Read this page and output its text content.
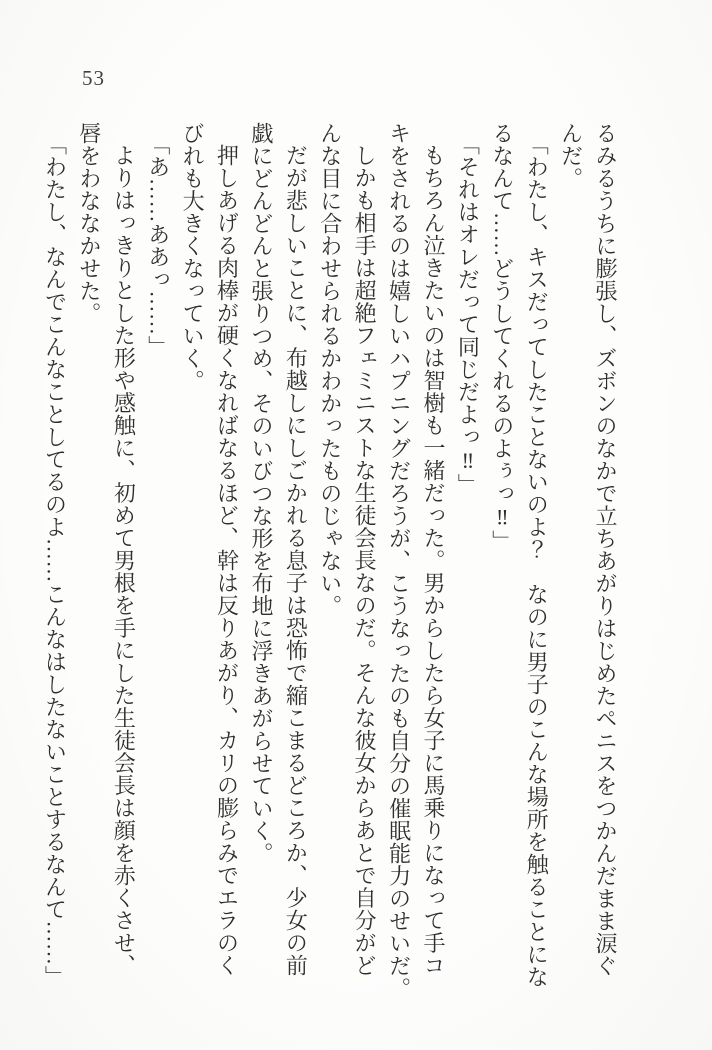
53

るみるうちに膨張し、ズボンのなかで立ちあがりはじめたペニスをつかんだまま涙ぐ

んだ。

「わたし、キスだってしたことないのよ？　なのに男子のこんな場所を触ることにな

るなんて……どうしてくれるのよぅっ‼」

「それはオレだって同じだよっ‼」

もちろん泣きたいのは智樹も一緒だった。男からしたら女子に馬乗りになって手コ

キをされるのは嬉しいハプニングだろうが、こうなったのも自分の催眠能力のせいだ。

しかも相手は超絶フェミニストな生徒会長なのだ。そんな彼女からあとで自分がど

んな目に合わせられるかわかったものじゃない。

だが悲しいことに、布越しにしごかれる息子は恐怖で縮こまるどころか、少女の前

戯にどんどんと張りつめ、そのいびつな形を布地に浮きあがらせていく。

押しあげる肉棒が硬くなればなるほど、幹は反りあがり、カリの膨らみでエラのく

びれも大きくなっていく。

「あ……ああっ……」

よりはっきりとした形や感触に、初めて男根を手にした生徒会長は顔を赤くさせ、

唇をわななかせた。

「わたし、なんでこんなことしてるのよ……こんなはしたないことするなんて……」
